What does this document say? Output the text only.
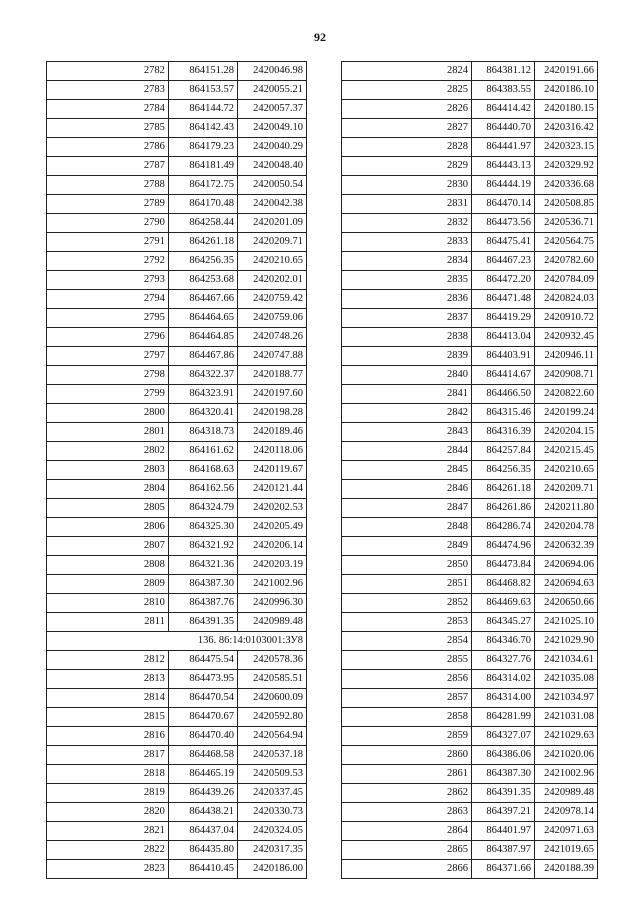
92
2782	864151.28	2420046.98
2783	864153.57	2420055.21
2784	864144.72	2420057.37
2785	864142.43	2420049.10
2786	864179.23	2420040.29
2787	864181.49	2420048.40
2788	864172.75	2420050.54
2789	864170.48	2420042.38
2790	864258.44	2420201.09
2791	864261.18	2420209.71
2792	864256.35	2420210.65
2793	864253.68	2420202.01
2794	864467.66	2420759.42
2795	864464.65	2420759.06
2796	864464.85	2420748.26
2797	864467.86	2420747.88
2798	864322.37	2420188.77
2799	864323.91	2420197.60
2800	864320.41	2420198.28
2801	864318.73	2420189.46
2802	864161.62	2420118.06
2803	864168.63	2420119.67
2804	864162.56	2420121.44
2805	864324.79	2420202.53
2806	864325.30	2420205.49
2807	864321.92	2420206.14
2808	864321.36	2420203.19
2809	864387.30	2421002.96
2810	864387.76	2420996.30
2811	864391.35	2420989.48
136. 86:14:0103001:ЗУ8		
2812	864475.54	2420578.36
2813	864473.95	2420585.51
2814	864470.54	2420600.09
2815	864470.67	2420592.80
2816	864470.40	2420564.94
2817	864468.58	2420537.18
2818	864465.19	2420509.53
2819	864439.26	2420337.45
2820	864438.21	2420330.73
2821	864437.04	2420324.05
2822	864435.80	2420317.35
2823	864410.45	2420186.00
2824	864381.12	2420191.66
2825	864383.55	2420186.10
2826	864414.42	2420180.15
2827	864440.70	2420316.42
2828	864441.97	2420323.15
2829	864443.13	2420329.92
2830	864444.19	2420336.68
2831	864470.14	2420508.85
2832	864473.56	2420536.71
2833	864475.41	2420564.75
2834	864467.23	2420782.60
2835	864472.20	2420784.09
2836	864471.48	2420824.03
2837	864419.29	2420910.72
2838	864413.04	2420932.45
2839	864403.91	2420946.11
2840	864414.67	2420908.71
2841	864466.50	2420822.60
2842	864315.46	2420199.24
2843	864316.39	2420204.15
2844	864257.84	2420215.45
2845	864256.35	2420210.65
2846	864261.18	2420209.71
2847	864261.86	2420211.80
2848	864286.74	2420204.78
2849	864474.96	2420632.39
2850	864473.84	2420694.06
2851	864468.82	2420694.63
2852	864469.63	2420650.66
2853	864345.27	2421025.10
2854	864346.70	2421029.90
2855	864327.76	2421034.61
2856	864314.02	2421035.08
2857	864314.00	2421034.97
2858	864281.99	2421031.08
2859	864327.07	2421029.63
2860	864386.06	2421020.06
2861	864387.30	2421002.96
2862	864391.35	2420989.48
2863	864397.21	2420978.14
2864	864401.97	2420971.63
2865	864387.97	2421019.65
2866	864371.66	2420188.39
